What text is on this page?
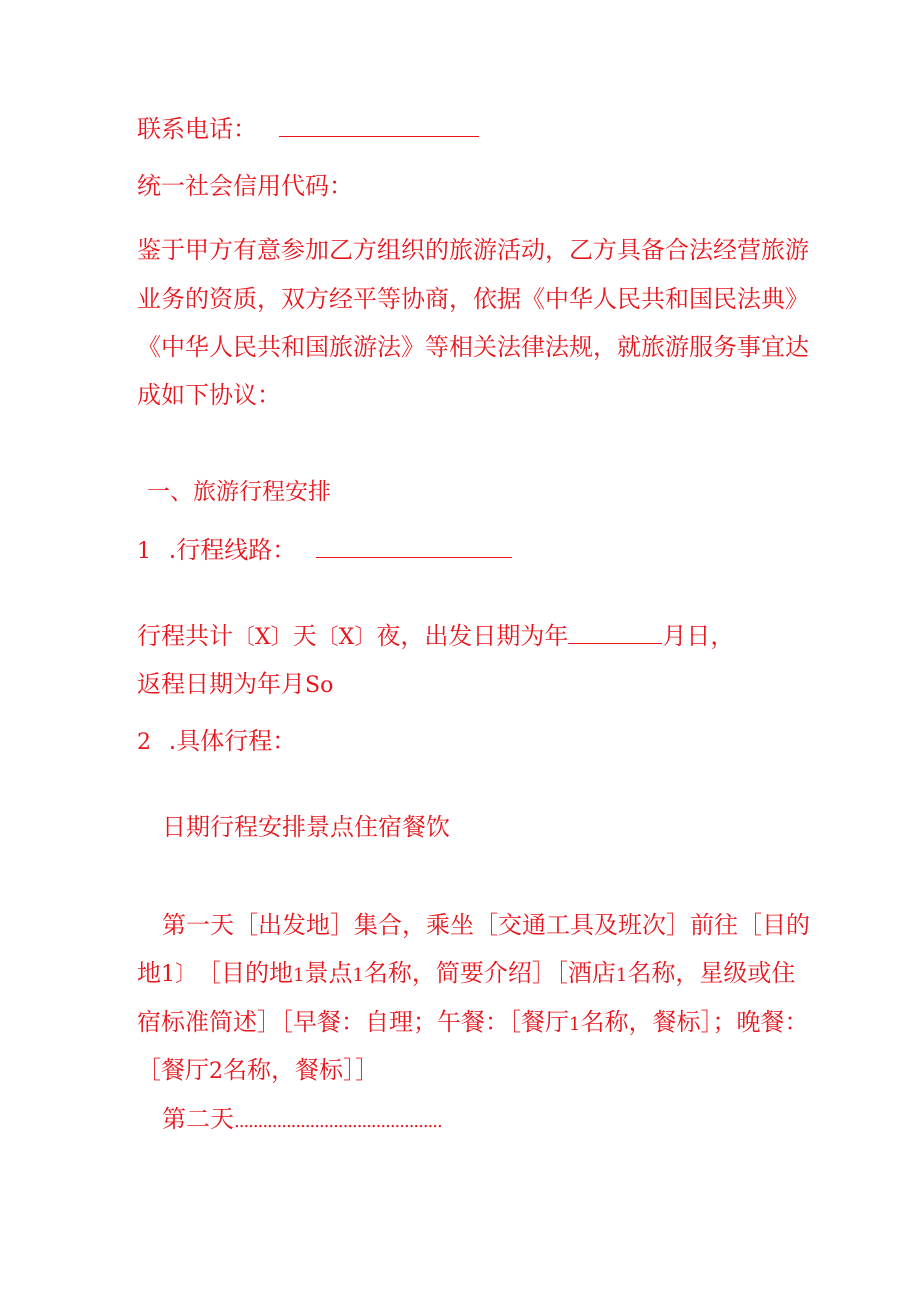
联系电话：
统一社会信用代码：
鉴于甲方有意参加乙方组织的旅游活动，乙方具备合法经营旅游
业务的资质，双方经平等协商，依据《中华人民共和国民法典》
《中华人民共和国旅游法》等相关法律法规，就旅游服务事宜达
成如下协议：
一、旅游行程安排
1 .行程线路：
行程共计〔X〕天〔X〕夜，出发日期为年	月日，
返程日期为年月So
2 .具体行程：
日期行程安排景点住宿餐饮
第一天［出发地］集合，乘坐［交通工具及班次］前往［目的
地1〕 ［目的地1景点1名称，简要介绍］［酒店1名称，星级或住
宿标准简述］［早餐：自理；午餐：［餐厅1名称，餐标］；晚餐：
［餐厅2名称，餐标］］
第二天............................................
